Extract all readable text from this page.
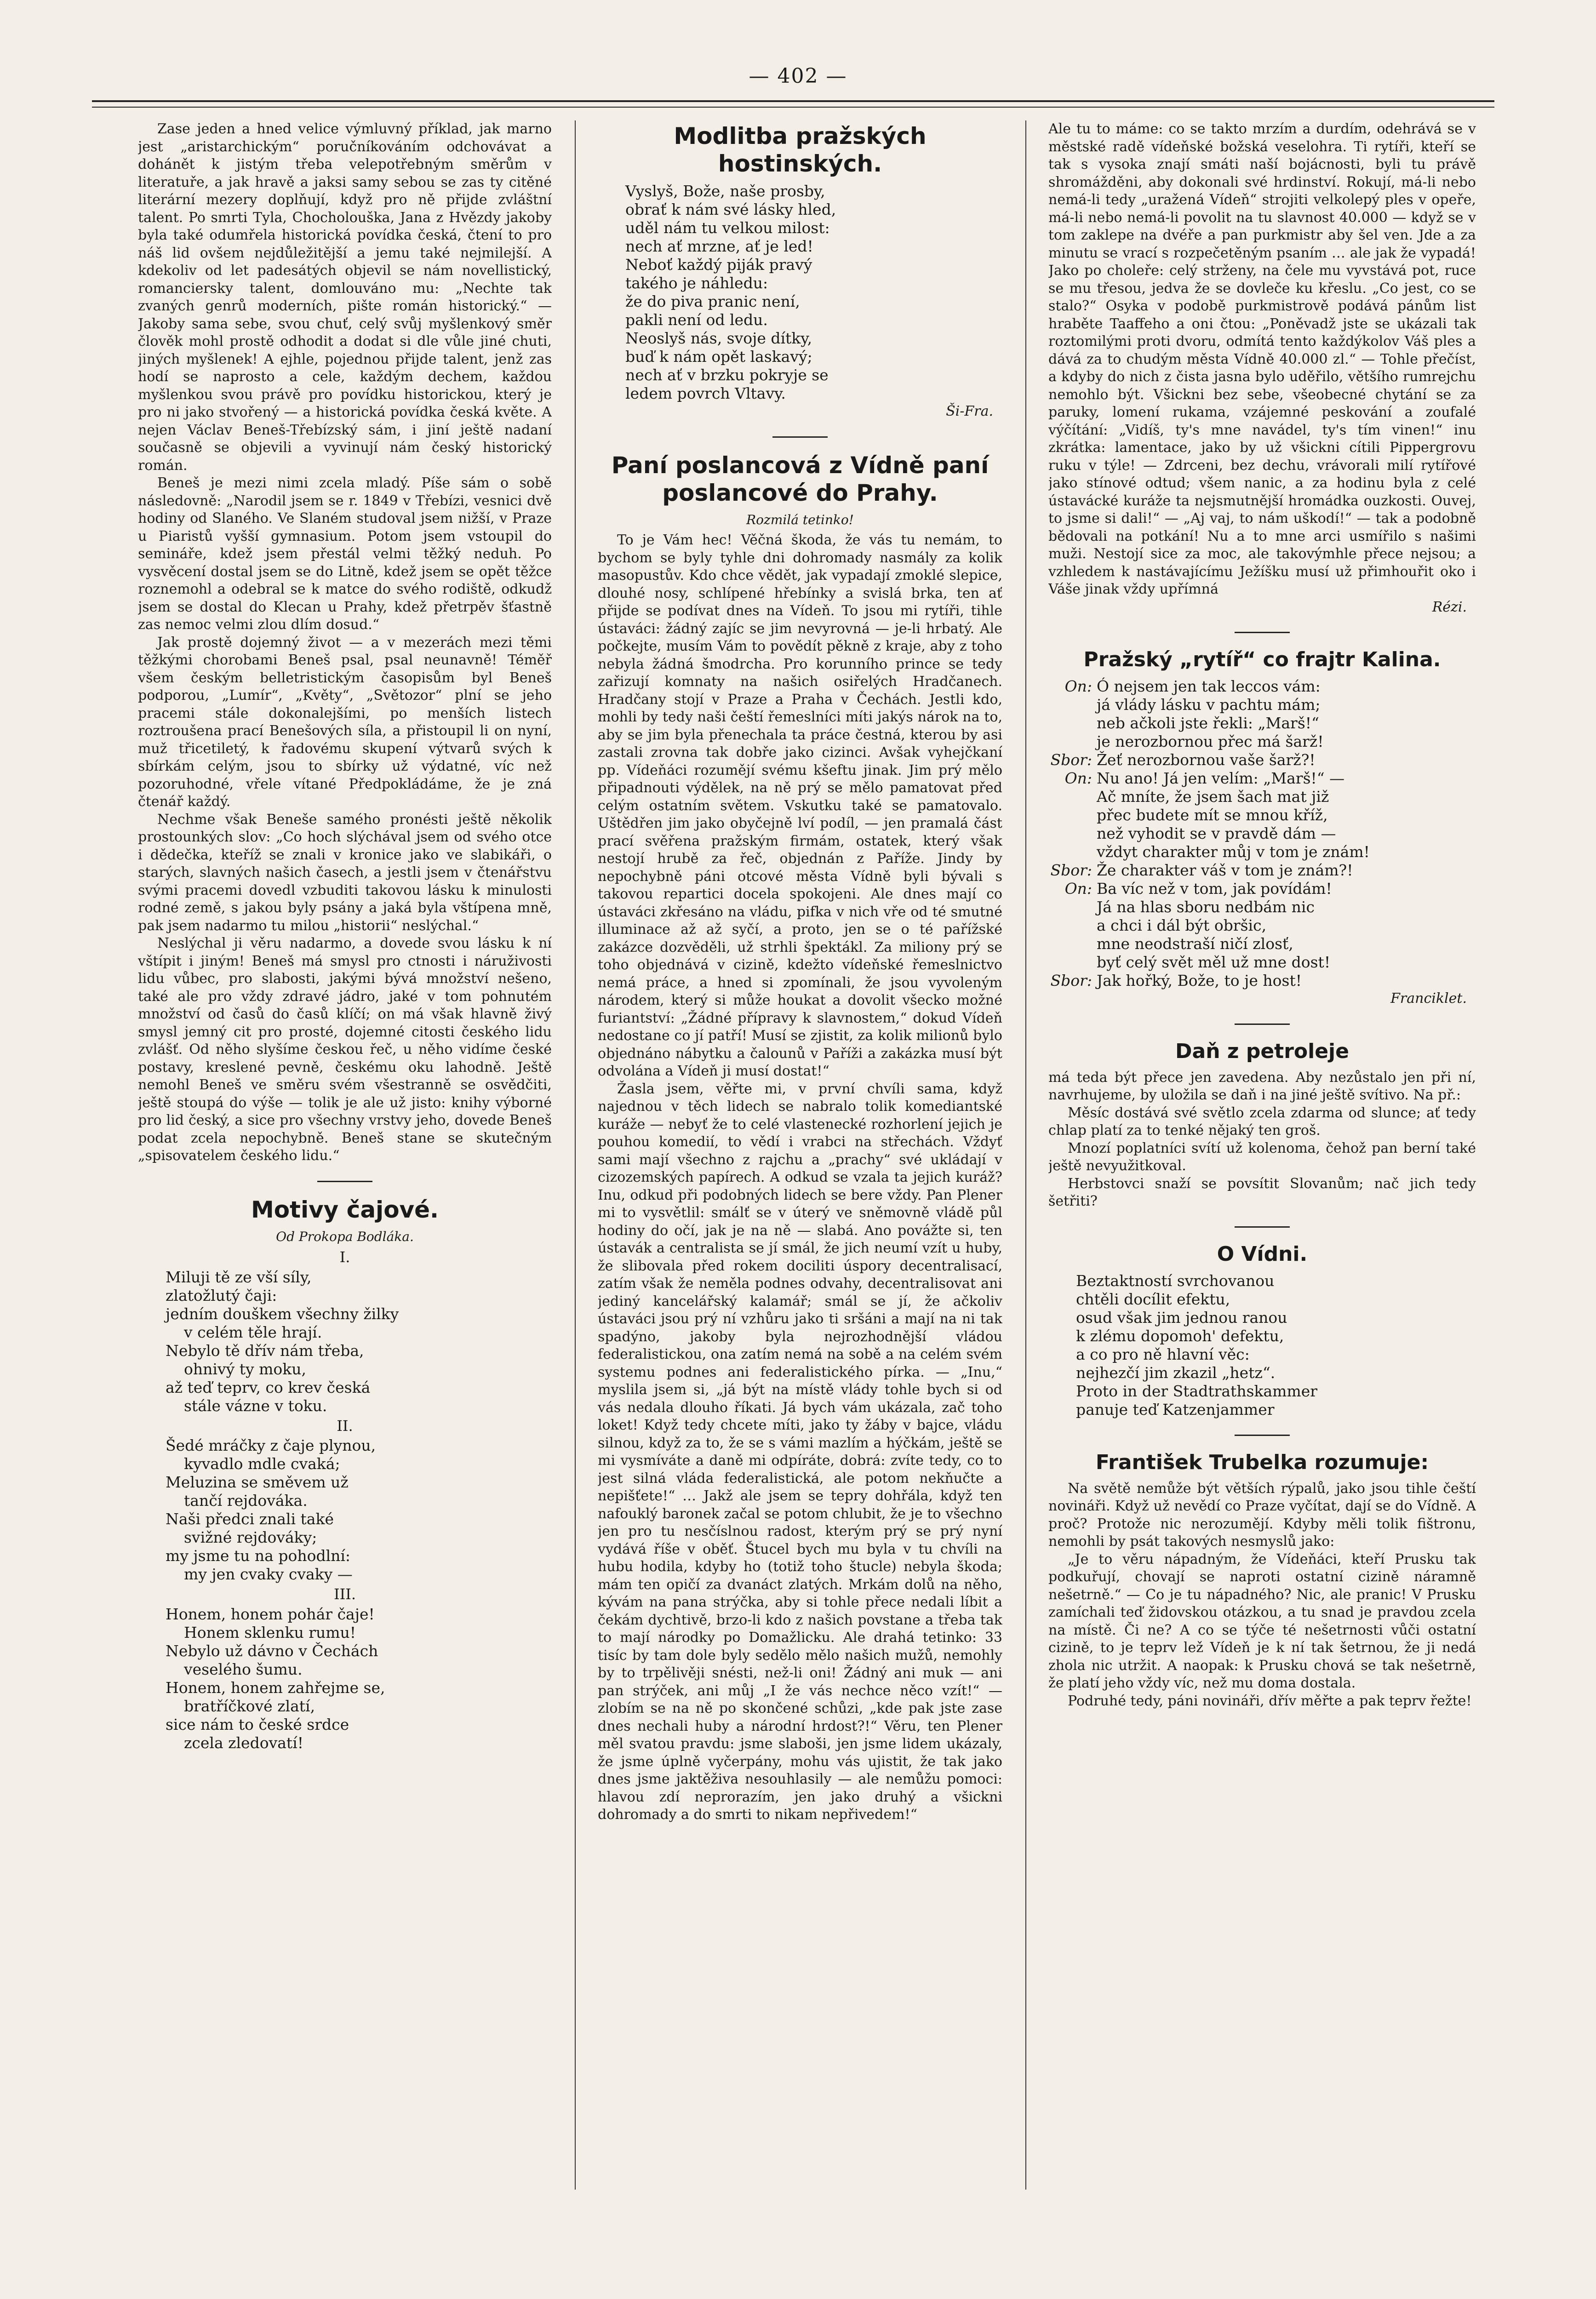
— 402 —

Zase jeden a hned velice výmluvný příklad, jak marno jest „aristarchickým“ poručníkováním odchovávat a dohánět k jistým třeba velepotřebným směrům v literatuře, a jak hravě a jaksi samy sebou se zas ty citěné literární mezery doplňují, když pro ně přijde zvláštní talent. Po smrti Tyla, Chocholouška, Jana z Hvězdy jakoby byla také odumřela historická povídka česká, čtení to pro náš lid ovšem nejdůležitější a jemu také nejmilejší. A kdekoliv od let padesátých objevil se nám novellistický, romanciersky talent, domlouváno mu: „Nechte tak zvaných genrů moderních, pište román historický.“ — Jakoby sama sebe, svou chuť, celý svůj myšlenkový směr člověk mohl prostě odhodit a dodat si dle vůle jiné chuti, jiných myšlenek! A ejhle, pojednou přijde talent, jenž zas hodí se naprosto a cele, každým dechem, každou myšlenkou svou právě pro povídku historickou, který je pro ni jako stvořený — a historická povídka česká květe. A nejen Václav Beneš-Třebízský sám, i jiní ještě nadaní současně se objevili a vyvinují nám český historický román.

Beneš je mezi nimi zcela mladý. Píše sám o sobě následovně: „Narodil jsem se r. 1849 v Třebízi, vesnici dvě hodiny od Slaného. Ve Slaném studoval jsem nižší, v Praze u Piaristů vyšší gymnasium. Potom jsem vstoupil do semináře, kdež jsem přestál velmi těžký neduh. Po vysvěcení dostal jsem se do Litně, kdež jsem se opět těžce roznemohl a odebral se k matce do svého rodiště, odkudž jsem se dostal do Klecan u Prahy, kdež přetrpěv šťastně zas nemoc velmi zlou dlím dosud.“

Jak prostě dojemný život — a v mezerách mezi těmi těžkými chorobami Beneš psal, psal neunavně! Téměř všem českým belletristickým časopisům byl Beneš podporou, „Lumír“, „Květy“, „Světozor“ plní se jeho pracemi stále dokonalejšími, po menších listech roztroušena prací Benešových síla, a přistoupil li on nyní, muž třicetiletý, k řadovému skupení výtvarů svých k sbírkám celým, jsou to sbírky už výdatné, víc než pozoruhodné, vřele vítané Předpokládáme, že je zná čtenář každý.

Nechme však Beneše samého pronésti ještě několik prostounkých slov: „Co hoch slýchával jsem od svého otce i dědečka, kteříž se znali v kronice jako ve slabikáři, o starých, slavných našich časech, a jestli jsem v čtenářstvu svými pracemi dovedl vzbuditi takovou lásku k minulosti rodné země, s jakou byly psány a jaká byla vštípena mně, pak jsem nadarmo tu milou „historii“ neslýchal.“

Neslýchal ji věru nadarmo, a dovede svou lásku k ní vštípit i jiným! Beneš má smysl pro ctnosti i náruživosti lidu vůbec, pro slabosti, jakými bývá množství nešeno, také ale pro vždy zdravé jádro, jaké v tom pohnutém množství od časů do časů klíčí; on má však hlavně živý smysl jemný cit pro prosté, dojemné citosti českého lidu zvlášť. Od něho slyšíme českou řeč, u něho vidíme české postavy, kreslené pevně, českému oku lahodně. Ještě nemohl Beneš ve směru svém všestranně se osvědčiti, ještě stoupá do výše — tolik je ale už jisto: knihy výborné pro lid český, a sice pro všechny vrstvy jeho, dovede Beneš podat zcela nepochybně. Beneš stane se skutečným „spisovatelem českého lidu.“

Motivy čajové.
Od Prokopa Bodláka.
I.
Miluji tě ze vší síly,
zlatožlutý čaji:
jedním douškem všechny žilky
v celém těle hrají.
Nebylo tě dřív nám třeba,
ohnivý ty moku,
až teď teprv, co krev česká
stále vázne v toku.
II.
Šedé mráčky z čaje plynou,
kyvadlo mdle cvaká;
Meluzina se směvem už
tančí rejdováka.
Naši předci znali také
svižné rejdováky;
my jsme tu na pohodlní:
my jen cvaky cvaky —
III.
Honem, honem pohár čaje!
Honem sklenku rumu!
Nebylo už dávno v Čechách
veselého šumu.
Honem, honem zahřejme se,
bratříčkové zlatí,
sice nám to české srdce
zcela zledovatí!
Modlitba pražských hostinských.
Vyslyš, Bože, naše prosby,
obrať k nám své lásky hled,
uděl nám tu velkou milost:
nech ať mrzne, ať je led!
Neboť každý piják pravý
takého je náhledu:
že do piva pranic není,
pakli není od ledu.
Neoslyš nás, svoje dítky,
buď k nám opět laskavý;
nech ať v brzku pokryje se
ledem povrch Vltavy.
Ši-Fra.
Paní poslancová z Vídně paní poslancové do Prahy.
Rozmilá tetinko!

To je Vám hec! Věčná škoda, že vás tu nemám, to bychom se byly tyhle dni dohromady nasmály za kolik masopustův. Kdo chce vědět, jak vypadají zmoklé slepice, dlouhé nosy, schlípené hřebínky a svislá brka, ten ať přijde se podívat dnes na Vídeň. To jsou mi rytíři, tihle ústaváci: žádný zajíc se jim nevyrovná — je-li hrbatý. Ale počkejte, musím Vám to povědít pěkně z kraje, aby z toho nebyla žádná šmodrcha. Pro korunního prince se tedy zařizují komnaty na našich osiřelých Hradčanech. Hradčany stojí v Praze a Praha v Čechách. Jestli kdo, mohli by tedy naši čeští řemeslníci míti jakýs nárok na to, aby se jim byla přenechala ta práce čestná, kterou by asi zastali zrovna tak dobře jako cizinci. Avšak vyhejčkaní pp. Vídeňáci rozumějí svému kšeftu jinak. Jim prý mělo připadnouti výdělek, na ně prý se mělo pamatovat před celým ostatním světem. Vskutku také se pamatovalo. Uštědřen jim jako obyčejně lví podíl, — jen pramalá část prací svěřena pražským firmám, ostatek, který však nestojí hrubě za řeč, objednán z Paříže. Jindy by nepochybně páni otcové města Vídně byli bývali s takovou repartici docela spokojeni. Ale dnes mají co ústaváci zkřesáno na vládu, pifka v nich vře od té smutné illuminace až až syčí, a proto, jen se o té pařížské zakázce dozvěděli, už strhli špektákl. Za miliony prý se toho objednává v cizině, kdežto vídeňské řemeslnictvo nemá práce, a hned si zpomínali, že jsou vyvoleným národem, který si může houkat a dovolit všecko možné furiantství: „Žádné přípravy k slavnostem,“ dokud Vídeň nedostane co jí patří! Musí se zjistit, za kolik milionů bylo objednáno nábytku a čalounů v Paříži a zakázka musí být odvolána a Vídeň ji musí dostat!“

Žasla jsem, věřte mi, v první chvíli sama, když najednou v těch lidech se nabralo tolik komediantské kuráže — nebyť že to celé vlastenecké rozhorlení jejich je pouhou komedií, to vědí i vrabci na střechách. Vždyť sami mají všechno z rajchu a „prachy“ své ukládají v cizozemských papírech. A odkud se vzala ta jejich kuráž? Inu, odkud při podobných lidech se bere vždy. Pan Plener mi to vysvětlil: smálť se v úterý ve sněmovně vládě půl hodiny do očí, jak je na ně — slabá. Ano povážte si, ten ústavák a centralista se jí smál, že jich neumí vzít u huby, že slibovala před rokem dociliti úspory decentralisací, zatím však že neměla podnes odvahy, decentralisovat ani jediný kancelářský kalamář; smál se jí, že ačkoliv ústaváci jsou prý ní vzhůru jako ti sršáni a mají na ni tak spadýno, jakoby byla nejrozhodnější vládou federalistickou, ona zatím nemá na sobě a na celém svém systemu podnes ani federalistického pírka. — „Inu,“ myslila jsem si, „já být na místě vlády tohle bych si od vás nedala dlouho říkati. Já bych vám ukázala, zač toho loket! Když tedy chcete míti, jako ty žáby v bajce, vládu silnou, když za to, že se s vámi mazlím a hýčkám, ještě se mi vysmíváte a daně mi odpíráte, dobrá: zvíte tedy, co to jest silná vláda federalistická, ale potom nekňučte a nepišťete!“ … Jakž ale jsem se tepry dohřála, když ten nafouklý baronek začal se potom chlubit, že je to všechno jen pro tu nesčíslnou radost, kterým prý se prý nyní vydává říše v oběť. Štucel bych mu byla v tu chvíli na hubu hodila, kdyby ho (totiž toho štucle) nebyla škoda; mám ten opičí za dvanáct zlatých. Mrkám dolů na něho, kývám na pana strýčka, aby si tohle přece nedali líbit a čekám dychtivě, brzo-li kdo z našich povstane a třeba tak to mají národky po Domažlicku. Ale drahá tetinko: 33 tisíc by tam dole byly sedělo mělo našich mužů, nemohly by to trpělivěji snésti, než-li oni! Žádný ani muk — ani pan strýček, ani můj „I že vás nechce něco vzít!“ — zlobím se na ně po skončené schůzi, „kde pak jste zase dnes nechali huby a národní hrdost?!“ Věru, ten Plener měl svatou pravdu: jsme slaboši, jen jsme lidem ukázaly, že jsme úplně vyčerpány, mohu vás ujistit, že tak jako dnes jsme jaktěživa nesouhlasily — ale nemůžu pomoci: hlavou zdí neprorazím, jen jako druhý a všickni dohromady a do smrti to nikam nepřivedem!“

Ale tu to máme: co se takto mrzím a durdím, odehrává se v městské radě vídeňské božská veselohra. Ti rytíři, kteří se tak s vysoka znají smáti naší bojácnosti, byli tu právě shromážděni, aby dokonali své hrdinství. Rokují, má-li nebo nemá-li tedy „uražená Vídeň“ strojiti velkolepý ples v opeře, má-li nebo nemá-li povolit na tu slavnost 40.000 — když se v tom zaklepe na dvéře a pan purkmistr aby šel ven. Jde a za minutu se vrací s rozpečetěným psaním … ale jak že vypadá! Jako po choleře: celý strženy, na čele mu vyvstává pot, ruce se mu třesou, jedva že se dovleče ku křeslu. „Co jest, co se stalo?“ Osyka v podobě purkmistrově podává pánům list hraběte Taaffeho a oni čtou: „Poněvadž jste se ukázali tak roztomilými proti dvoru, odmítá tento každýkolov Váš ples a dává za to chudým města Vídně 40.000 zl.“ — Tohle přečíst, a kdyby do nich z čista jasna bylo uděřilo, většího rumrejchu nemohlo být. Všickni bez sebe, všeobecné chytání se za paruky, lomení rukama, vzájemné peskování a zoufalé výčítání: „Vidíš, ty's mne navádel, ty's tím vinen!“ inu zkrátka: lamentace, jako by už všickni cítili Pippergrovu ruku v týle! — Zdrceni, bez dechu, vrávorali milí rytířové jako stínové odtud; všem nanic, a za hodinu byla z celé ústavácké kuráže ta nejsmutnější hromádka ouzkosti. Ouvej, to jsme si dali!“ — „Aj vaj, to nám uškodí!“ — tak a podobně bědovali na potkání! Nu a to mne arci usmířilo s našimi muži. Nestojí sice za moc, ale takovýmhle přece nejsou; a vzhledem k nastávajícímu Ježíšku musí už přimhouřit oko i Váše jinak vždy upřímná

Rézi.
Pražský „rytíř“ co frajtr Kalina.
On: Ó nejsem jen tak leccos vám:
já vlády lásku v pachtu mám;
neb ačkoli jste řekli: „Marš!“
je nerozbornou přec má šarž!
Sbor: Žeť nerozbornou vaše šarž?!
On: Nu ano! Já jen velím: „Marš!“ —
Ač mníte, že jsem šach mat již
přec budete mít se mnou kříž,
než vyhodit se v pravdě dám —
vždyt charakter můj v tom je znám!
Sbor: Že charakter váš v tom je znám?!
On: Ba víc než v tom, jak povídám!
Já na hlas sboru nedbám nic
a chci i dál být obršic,
mne neodstraší ničí zlosť,
byť celý svět měl už mne dost!
Sbor: Jak hořký, Bože, to je host!
Franciklet.
Daň z petroleje

má teda být přece jen zavedena. Aby nezůstalo jen při ní, navrhujeme, by uložila se daň i na jiné ještě svítivo. Na př.:

Měsíc dostává své světlo zcela zdarma od slunce; ať tedy chlap platí za to tenké nějaký ten groš.

Mnozí poplatníci svítí už kolenoma, čehož pan berní také ještě nevyužitkoval.

Herbstovci snaží se povsítit Slovanům; nač jich tedy šetřiti?

O Vídni.
Beztaktností svrchovanou
chtěli docílit efektu,
osud však jim jednou ranou
k zlému dopomoh' defektu,
a co pro ně hlavní věc:
nejhezčí jim zkazil „hetz“.
Proto in der Stadtrathskammer
panuje teď Katzenjammer
František Trubelka rozumuje:

Na světě nemůže být větších rýpalů, jako jsou tihle čeští novináři. Když už nevědí co Praze vyčítat, dají se do Vídně. A proč? Protože nic nerozumějí. Kdyby měli tolik fištronu, nemohli by psát takových nesmyslů jako:

„Je to věru nápadným, že Vídeňáci, kteří Prusku tak podkuřují, chovají se naproti ostatní cizině náramně nešetrně.“ — Co je tu nápadného? Nic, ale pranic! V Prusku zamíchali teď židovskou otázkou, a tu snad je pravdou zcela na místě. Či ne? A co se týče té nešetrnosti vůči ostatní cizině, to je teprv lež Vídeň je k ní tak šetrnou, že ji nedá zhola nic utržit. A naopak: k Prusku chová se tak nešetrně, že platí jeho vždy víc, než mu doma dostala.

Podruhé tedy, páni novináři, dřív měřte a pak teprv řežte!
